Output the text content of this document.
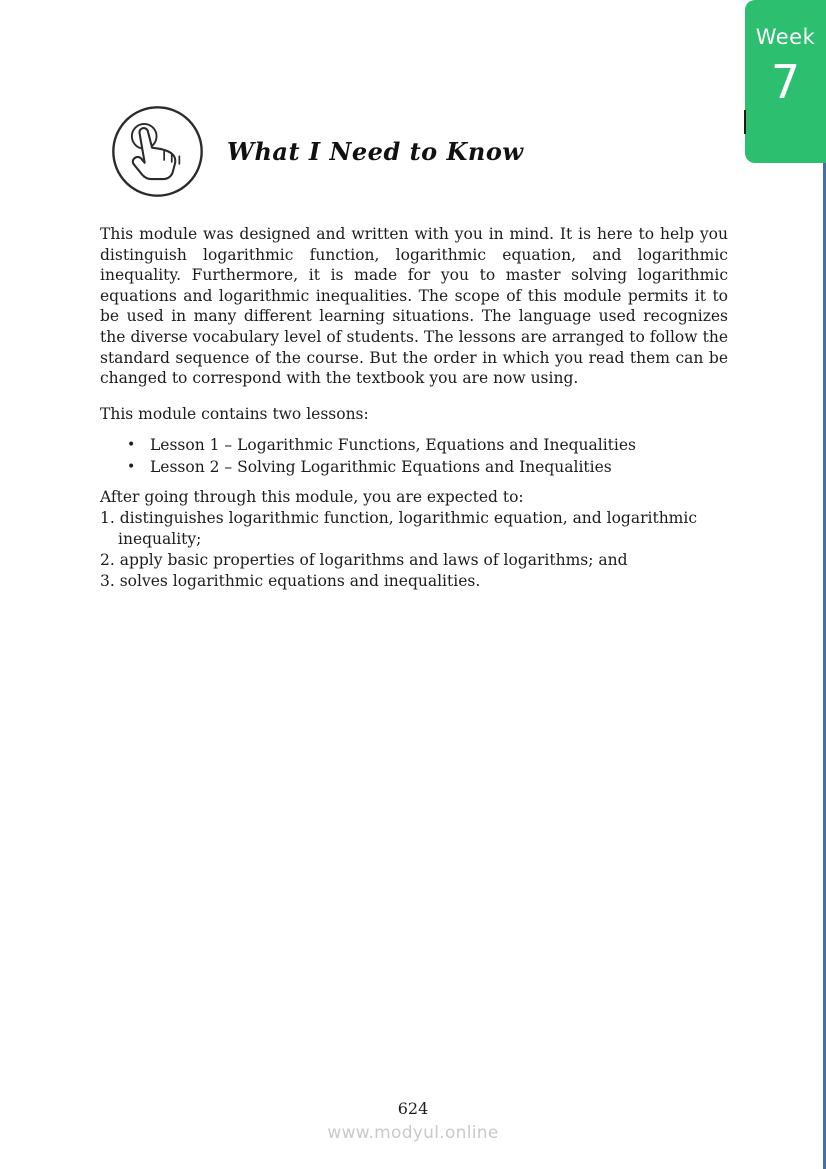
Week
7
What I Need to Know

This module was designed and written with you in mind. It is here to help you distinguish logarithmic function, logarithmic equation, and logarithmic inequality. Furthermore, it is made for you to master solving logarithmic equations and logarithmic inequalities. The scope of this module permits it to be used in many different learning situations. The language used recognizes the diverse vocabulary level of students. The lessons are arranged to follow the standard sequence of the course. But the order in which you read them can be changed to correspond with the textbook you are now using.

This module contains two lessons:

• Lesson 1 – Logarithmic Functions, Equations and Inequalities
• Lesson 2 – Solving Logarithmic Equations and Inequalities

After going through this module, you are expected to:

1. distinguishes logarithmic function, logarithmic equation, and logarithmic inequality;

2. apply basic properties of logarithms and laws of logarithms; and

3. solves logarithmic equations and inequalities.

624
www.modyul.online
